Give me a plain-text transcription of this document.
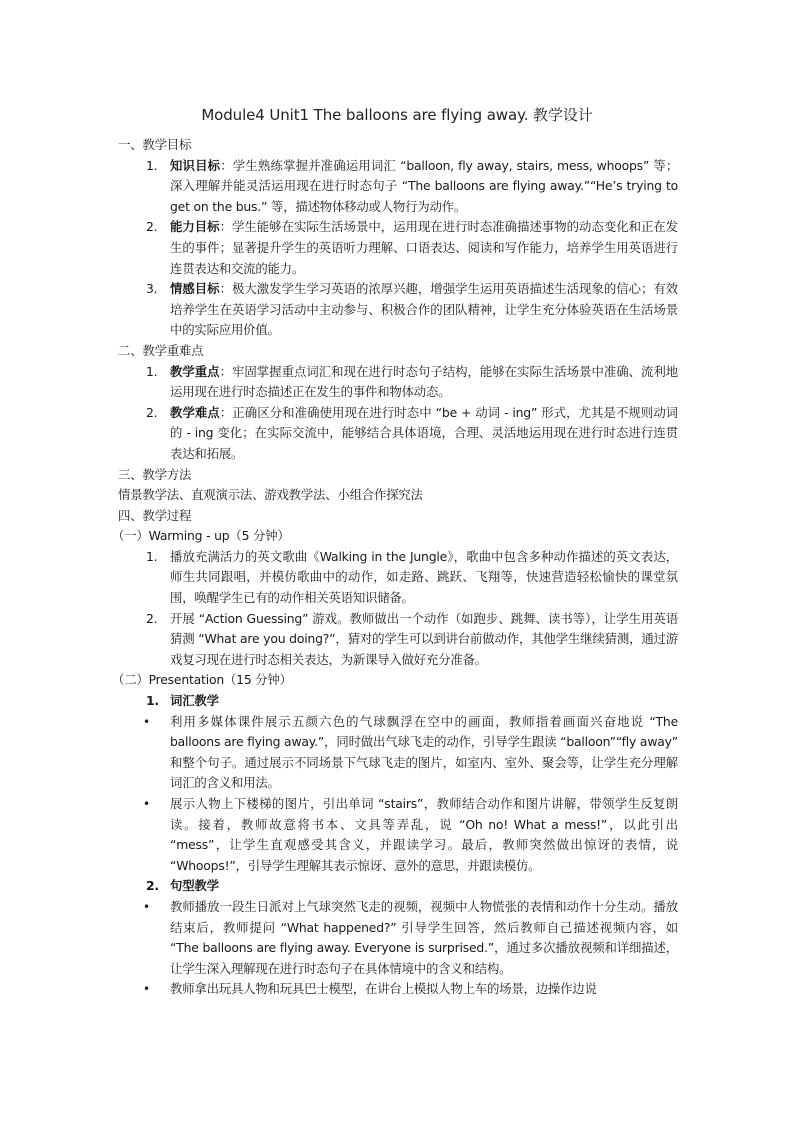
Module4 Unit1 The balloons are flying away. 教学设计

一、教学目标

1. 知识目标：学生熟练掌握并准确运用词汇 “balloon, fly away, stairs, mess, whoops” 等；深入理解并能灵活运用现在进行时态句子 “The balloons are flying away.”“He’s trying to get on the bus.” 等，描述物体移动或人物行为动作。

2. 能力目标：学生能够在实际生活场景中，运用现在进行时态准确描述事物的动态变化和正在发生的事件；显著提升学生的英语听力理解、口语表达、阅读和写作能力，培养学生用英语进行连贯表达和交流的能力。

3. 情感目标：极大激发学生学习英语的浓厚兴趣，增强学生运用英语描述生活现象的信心；有效培养学生在英语学习活动中主动参与、积极合作的团队精神，让学生充分体验英语在生活场景中的实际应用价值。

二、教学重难点

1. 教学重点：牢固掌握重点词汇和现在进行时态句子结构，能够在实际生活场景中准确、流利地运用现在进行时态描述正在发生的事件和物体动态。

2. 教学难点：正确区分和准确使用现在进行时态中 “be + 动词 - ing” 形式，尤其是不规则动词的 - ing 变化；在实际交流中，能够结合具体语境，合理、灵活地运用现在进行时态进行连贯表达和拓展。

三、教学方法

情景教学法、直观演示法、游戏教学法、小组合作探究法

四、教学过程

（一）Warming - up（5 分钟）

1. 播放充满活力的英文歌曲《Walking in the Jungle》，歌曲中包含多种动作描述的英文表达，师生共同跟唱，并模仿歌曲中的动作，如走路、跳跃、飞翔等，快速营造轻松愉快的课堂氛围，唤醒学生已有的动作相关英语知识储备。

2. 开展 “Action Guessing” 游戏。教师做出一个动作（如跑步、跳舞、读书等），让学生用英语猜测 “What are you doing?”，猜对的学生可以到讲台前做动作，其他学生继续猜测，通过游戏复习现在进行时态相关表达，为新课导入做好充分准备。

（二）Presentation（15 分钟）

1. 词汇教学

• 利用多媒体课件展示五颜六色的气球飘浮在空中的画面，教师指着画面兴奋地说 “The balloons are flying away.”，同时做出气球飞走的动作，引导学生跟读 “balloon”“fly away” 和整个句子。通过展示不同场景下气球飞走的图片，如室内、室外、聚会等，让学生充分理解词汇的含义和用法。

• 展示人物上下楼梯的图片，引出单词 “stairs”，教师结合动作和图片讲解，带领学生反复朗读。接着，教师故意将书本、文具等弄乱，说 “Oh no! What a mess!”，以此引出 “mess”，让学生直观感受其含义，并跟读学习。最后，教师突然做出惊讶的表情，说 “Whoops!”，引导学生理解其表示惊讶、意外的意思，并跟读模仿。

2. 句型教学

• 教师播放一段生日派对上气球突然飞走的视频，视频中人物慌张的表情和动作十分生动。播放结束后，教师提问 “What happened?” 引导学生回答，然后教师自己描述视频内容，如 “The balloons are flying away. Everyone is surprised.”，通过多次播放视频和详细描述，让学生深入理解现在进行时态句子在具体情境中的含义和结构。

• 教师拿出玩具人物和玩具巴士模型，在讲台上模拟人物上车的场景，边操作边说
